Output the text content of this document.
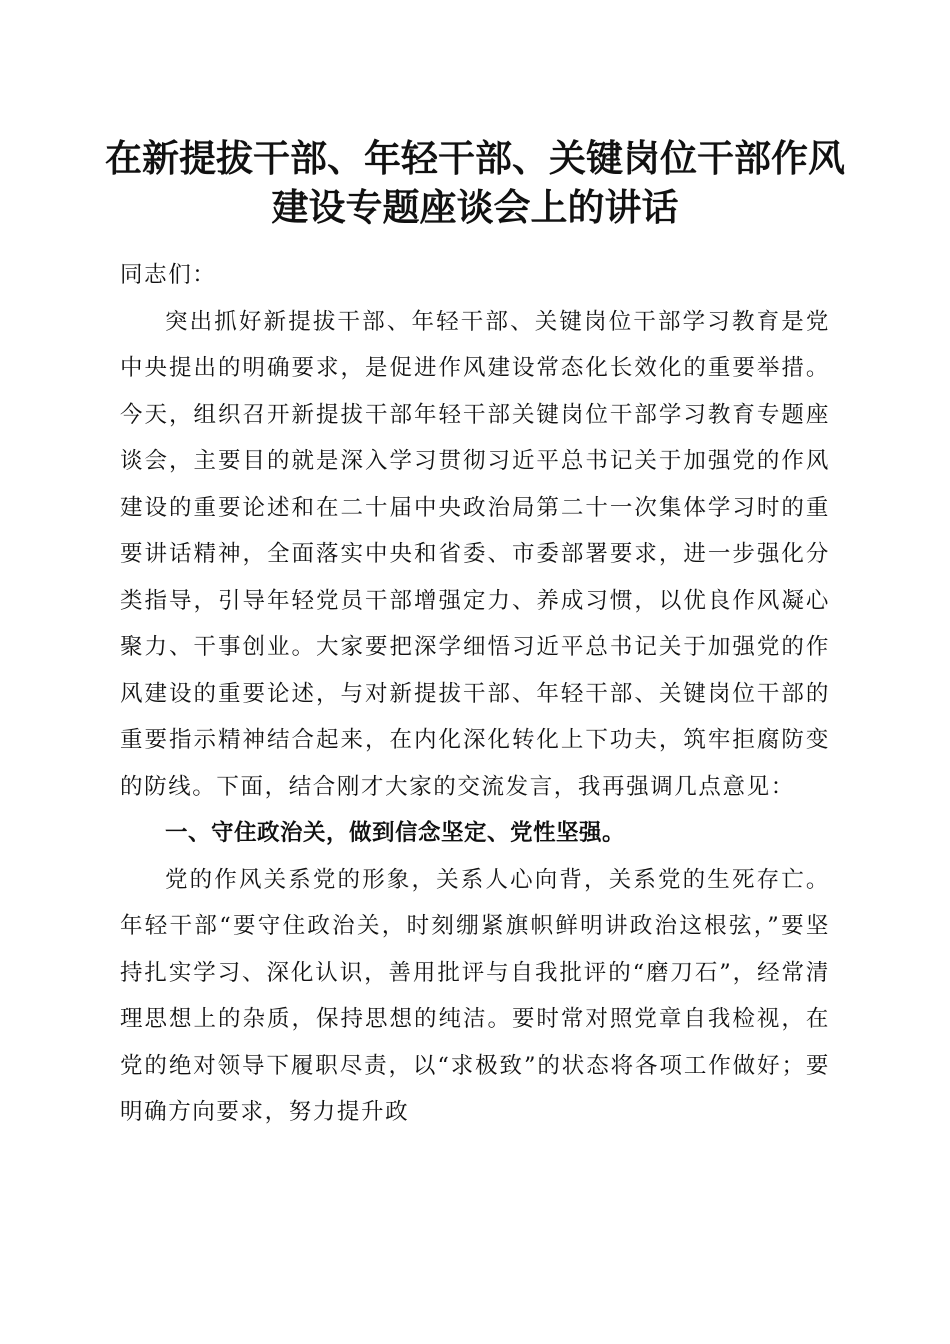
在新提拔干部、年轻干部、关键岗位干部作风
建设专题座谈会上的讲话

同志们：

突出抓好新提拔干部、年轻干部、关键岗位干部学习教育是党中央提出的明确要求，是促进作风建设常态化长效化的重要举措。今天，组织召开新提拔干部年轻干部关键岗位干部学习教育专题座谈会，主要目的就是深入学习贯彻习近平总书记关于加强党的作风建设的重要论述和在二十届中央政治局第二十一次集体学习时的重要讲话精神，全面落实中央和省委、市委部署要求，进一步强化分类指导，引导年轻党员干部增强定力、养成习惯，以优良作风凝心聚力、干事创业。大家要把深学细悟习近平总书记关于加强党的作风建设的重要论述，与对新提拔干部、年轻干部、关键岗位干部的重要指示精神结合起来，在内化深化转化上下功夫，筑牢拒腐防变的防线。下面，结合刚才大家的交流发言，我再强调几点意见：

一、守住政治关，做到信念坚定、党性坚强。

党的作风关系党的形象，关系人心向背，关系党的生死存亡。年轻干部“要守住政治关，时刻绷紧旗帜鲜明讲政治这根弦，”要坚持扎实学习、深化认识，善用批评与自我批评的“磨刀石”，经常清理思想上的杂质，保持思想的纯洁。要时常对照党章自我检视，在党的绝对领导下履职尽责，以“求极致”的状态将各项工作做好；要明确方向要求，努力提升政
